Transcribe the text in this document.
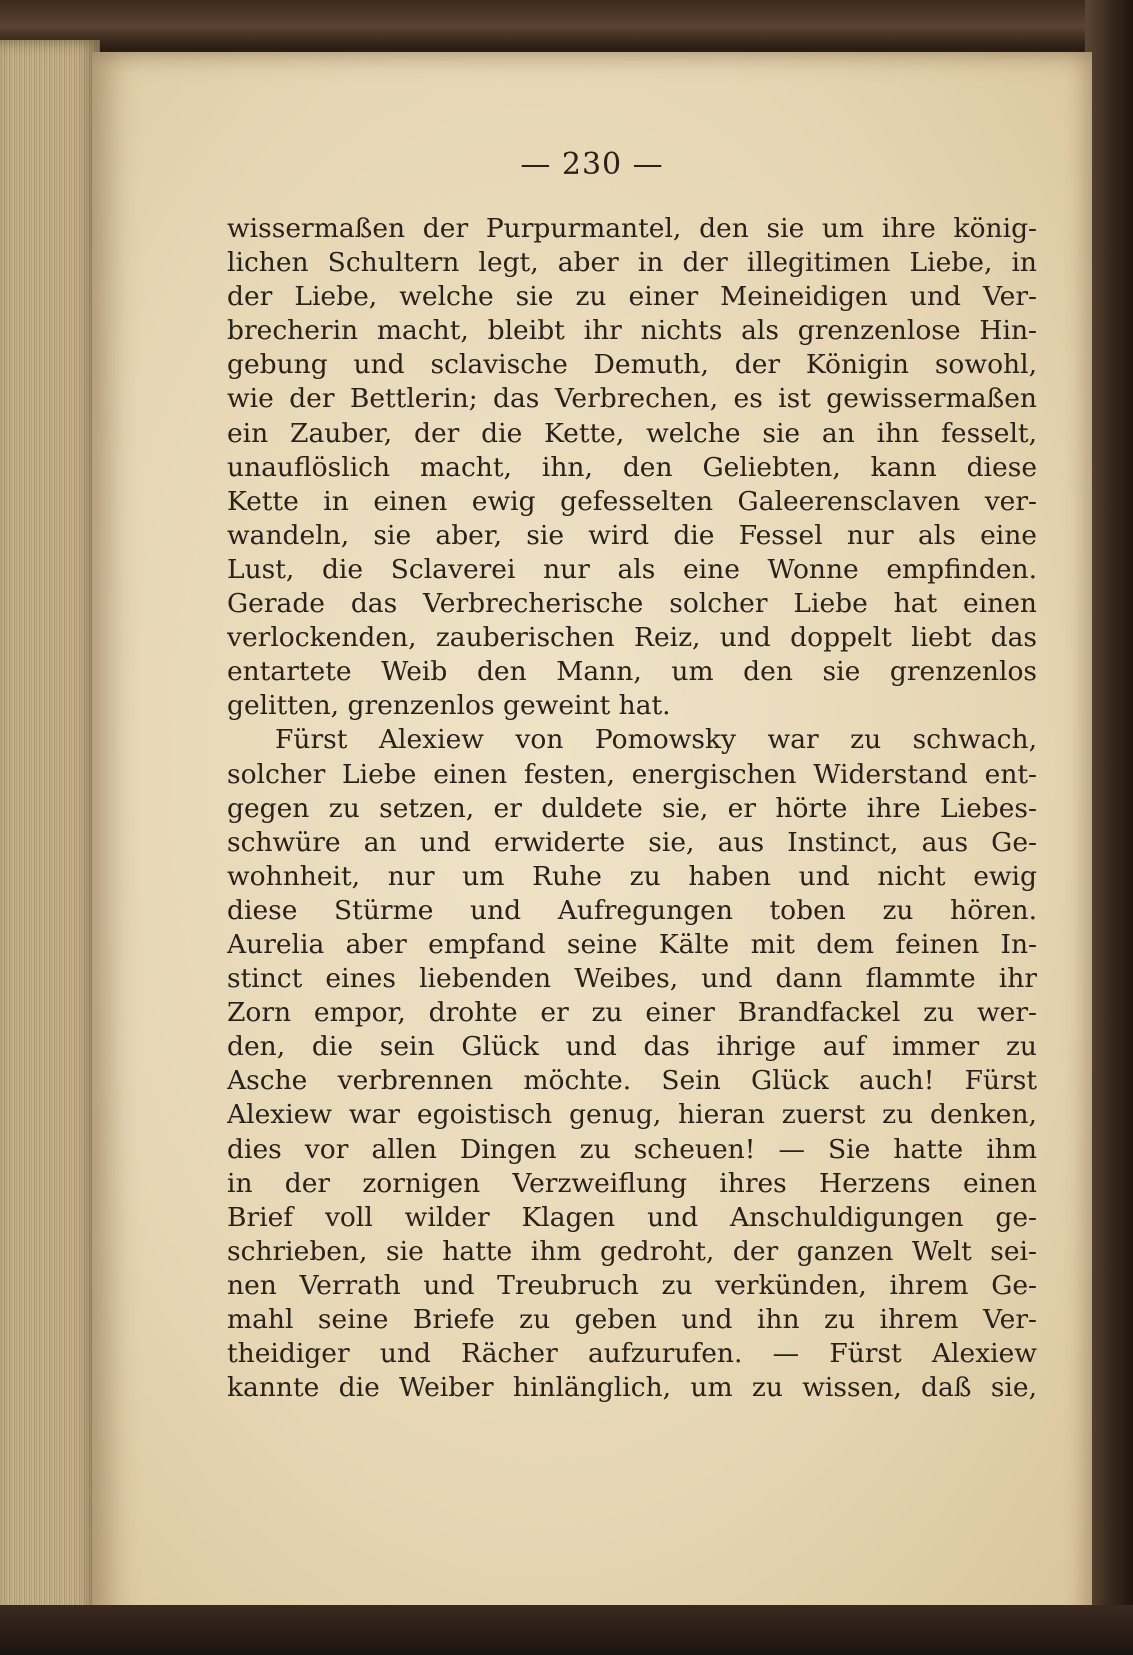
— 230 —
wissermaßen der Purpurmantel, den sie um ihre könig-
lichen Schultern legt, aber in der illegitimen Liebe, in
der Liebe, welche sie zu einer Meineidigen und Ver-
brecherin macht, bleibt ihr nichts als grenzenlose Hin-
gebung und sclavische Demuth, der Königin sowohl,
wie der Bettlerin; das Verbrechen, es ist gewissermaßen
ein Zauber, der die Kette, welche sie an ihn fesselt,
unauflöslich macht, ihn, den Geliebten, kann diese
Kette in einen ewig gefesselten Galeerensclaven ver-
wandeln, sie aber, sie wird die Fessel nur als eine
Lust, die Sclaverei nur als eine Wonne empfinden.
Gerade das Verbrecherische solcher Liebe hat einen
verlockenden, zauberischen Reiz, und doppelt liebt das
entartete Weib den Mann, um den sie grenzenlos
gelitten, grenzenlos geweint hat.
Fürst Alexiew von Pomowsky war zu schwach,
solcher Liebe einen festen, energischen Widerstand ent-
gegen zu setzen, er duldete sie, er hörte ihre Liebes-
schwüre an und erwiderte sie, aus Instinct, aus Ge-
wohnheit, nur um Ruhe zu haben und nicht ewig
diese Stürme und Aufregungen toben zu hören.
Aurelia aber empfand seine Kälte mit dem feinen In-
stinct eines liebenden Weibes, und dann flammte ihr
Zorn empor, drohte er zu einer Brandfackel zu wer-
den, die sein Glück und das ihrige auf immer zu
Asche verbrennen möchte. Sein Glück auch! Fürst
Alexiew war egoistisch genug, hieran zuerst zu denken,
dies vor allen Dingen zu scheuen! — Sie hatte ihm
in der zornigen Verzweiflung ihres Herzens einen
Brief voll wilder Klagen und Anschuldigungen ge-
schrieben, sie hatte ihm gedroht, der ganzen Welt sei-
nen Verrath und Treubruch zu verkünden, ihrem Ge-
mahl seine Briefe zu geben und ihn zu ihrem Ver-
theidiger und Rächer aufzurufen. — Fürst Alexiew
kannte die Weiber hinlänglich, um zu wissen, daß sie,
